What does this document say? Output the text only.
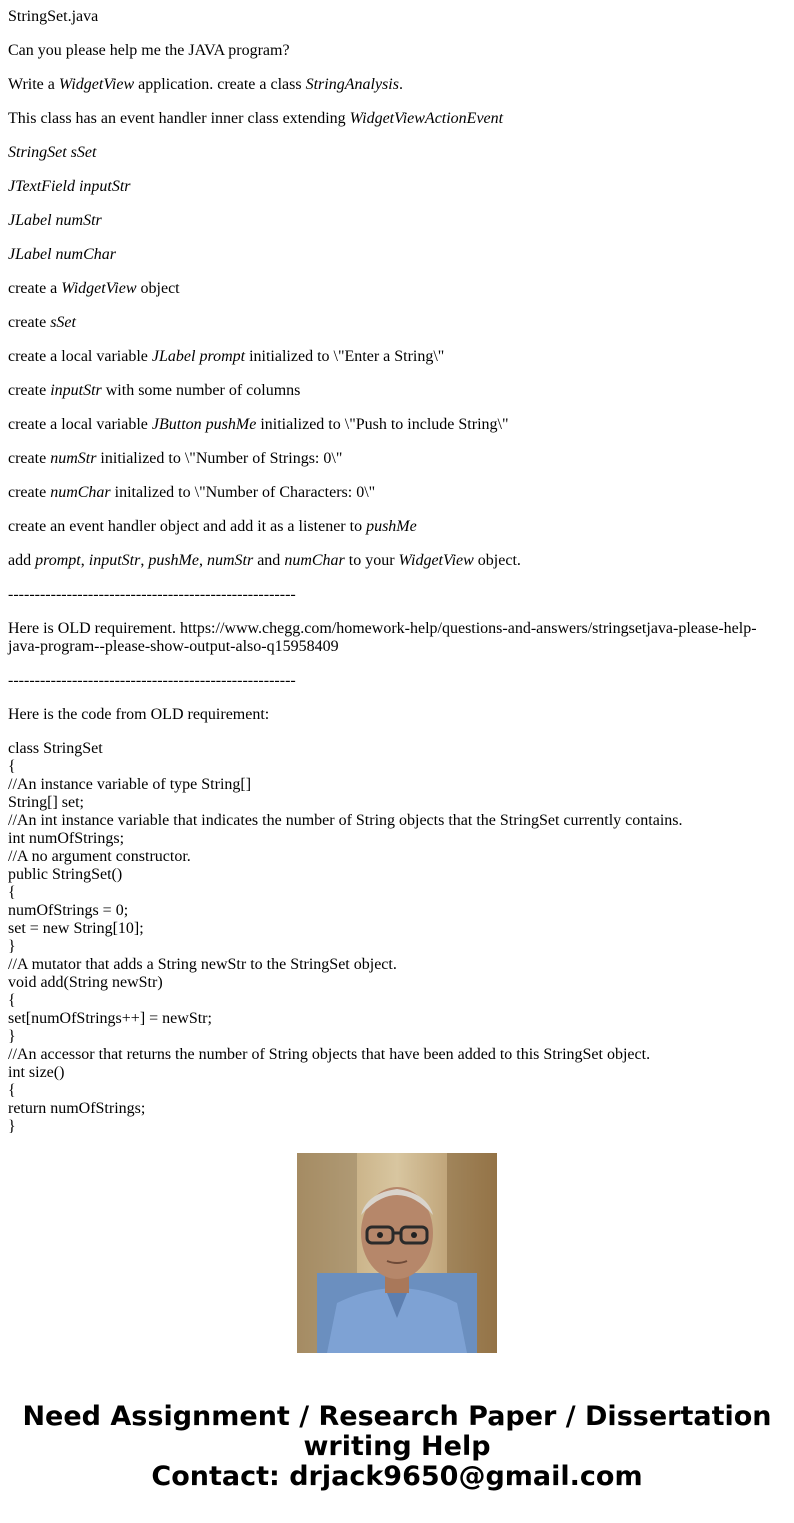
StringSet.java

Can you please help me the JAVA program?

Write a WidgetView application. create a class StringAnalysis.

This class has an event handler inner class extending WidgetViewActionEvent

StringSet sSet

JTextField inputStr

JLabel numStr

JLabel numChar

create a WidgetView object

create sSet

create a local variable JLabel prompt initialized to \"Enter a String\"

create inputStr with some number of columns

create a local variable JButton pushMe initialized to \"Push to include String\"

create numStr initialized to \"Number of Strings: 0\"

create numChar initalized to \"Number of Characters: 0\"

create an event handler object and add it as a listener to pushMe

add prompt, inputStr, pushMe, numStr and numChar to your WidgetView object.

------------------------------------------------------

Here is OLD requirement. https://www.chegg.com/homework-help/questions-and-answers/stringsetjava-please-help-java-program--please-show-output-also-q15958409

------------------------------------------------------

Here is the code from OLD requirement:

class StringSet

{

//An instance variable of type String[]

String[] set;

//An int instance variable that indicates the number of String objects that the StringSet currently contains.

int numOfStrings;

//A no argument constructor.

public StringSet()

{

numOfStrings = 0;

set = new String[10];

}

//A mutator that adds a String newStr to the StringSet object.

void add(String newStr)

{

set[numOfStrings++] = newStr;

}

//An accessor that returns the number of String objects that have been added to this StringSet object.

int size()

{

return numOfStrings;

}

Need Assignment / Research Paper / Dissertation
writing Help
Contact: drjack9650@gmail.com
